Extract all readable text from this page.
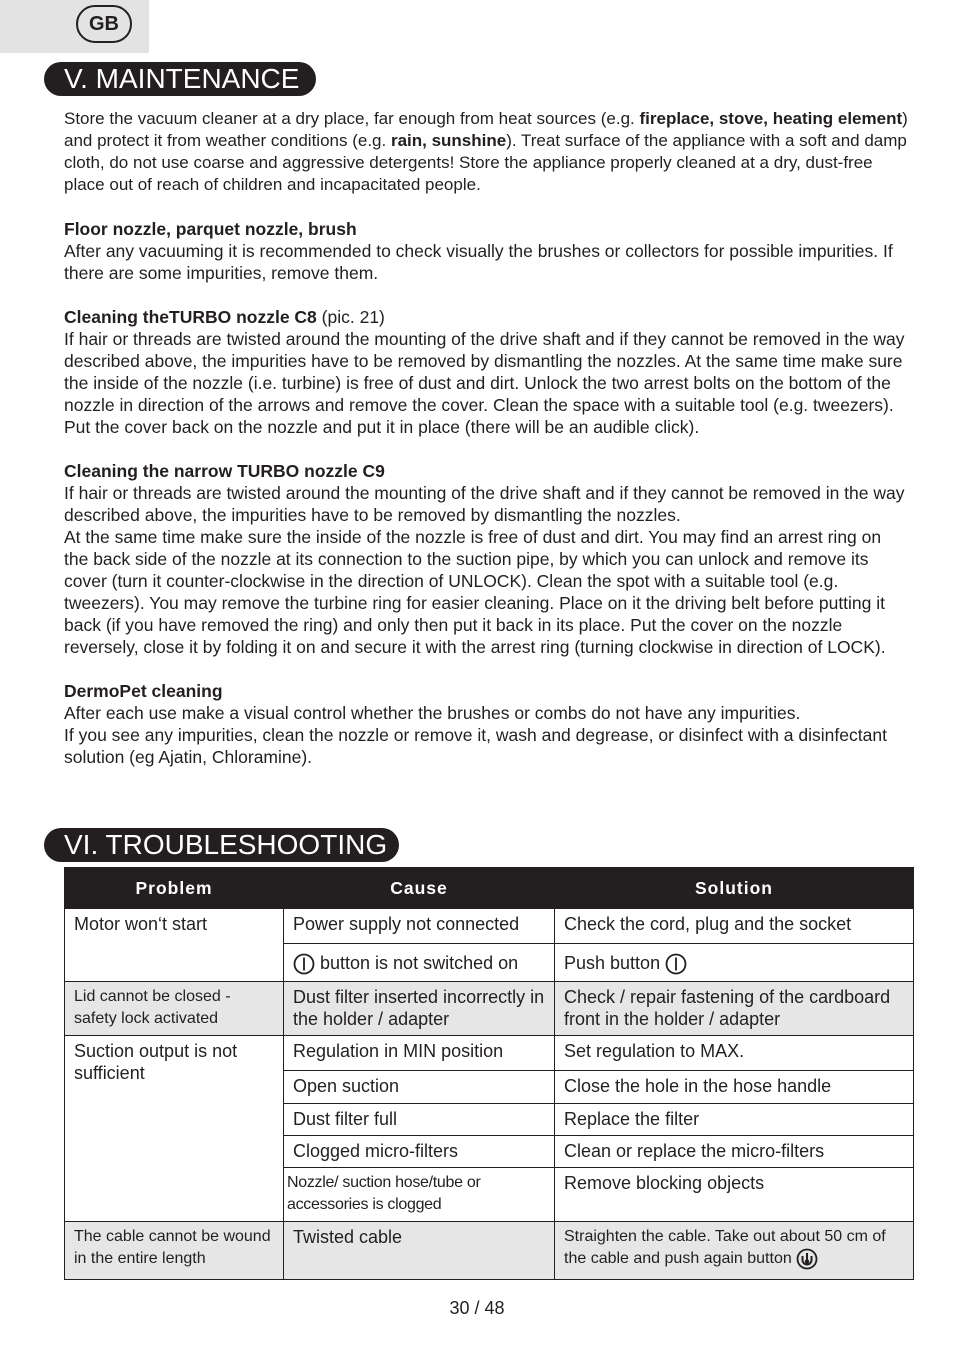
GB
V. MAINTENANCE

Store the vacuum cleaner at a dry place, far enough from heat sources (e.g. fireplace, stove, heating element) and protect it from weather conditions (e.g. rain, sunshine). Treat surface of the appliance with a soft and damp cloth, do not use coarse and aggressive detergents! Store the appliance properly cleaned at a dry, dust-free place out of reach of children and incapacitated people.

Floor nozzle, parquet nozzle, brush
After any vacuuming it is recommended to check visually the brushes or collectors for possible impurities. If there are some impurities, remove them.

Cleaning theTURBO nozzle C8 (pic. 21)
If hair or threads are twisted around the mounting of the drive shaft and if they cannot be removed in the way described above, the impurities have to be removed by dismantling the nozzles. At the same time make sure the inside of the nozzle (i.e. turbine) is free of dust and dirt. Unlock the two arrest bolts on the bottom of the nozzle in direction of the arrows and remove the cover. Clean the space with a suitable tool (e.g. tweezers). Put the cover back on the nozzle and put it in place (there will be an audible click).

Cleaning the narrow TURBO nozzle C9
If hair or threads are twisted around the mounting of the drive shaft and if they cannot be removed in the way described above, the impurities have to be removed by dismantling the nozzles.
At the same time make sure the inside of the nozzle is free of dust and dirt. You may find an arrest ring on the back side of the nozzle at its connection to the suction pipe, by which you can unlock and remove its cover (turn it counter-clockwise in the direction of UNLOCK). Clean the spot with a suitable tool (e.g. tweezers). You may remove the turbine ring for easier cleaning. Place on it the driving belt before putting it back (if you have removed the ring) and only then put it back in its place. Put the cover on the nozzle reversely, close it by folding it on and secure it with the arrest ring (turning clockwise in direction of LOCK).

DermoPet cleaning
After each use make a visual control whether the brushes or combs do not have any impurities.
If you see any impurities, clean the nozzle or remove it, wash and degrease, or disinfect with a disinfectant solution (eg Ajatin, Chloramine).

VI. TROUBLESHOOTING
Problem	Cause	Solution
Motor won‘t start	Power supply not connected	Check the cord, plug and the socket
	button is not switched on	Push button
Lid cannot be closed - safety lock activated	Dust filter inserted incorrectly in the holder / adapter	Check / repair fastening of the cardboard front in the holder / adapter
Suction output is not sufficient	Regulation in MIN position	Set regulation to MAX.
	Open suction	Close the hole in the hose handle
	Dust filter full	Replace the filter
	Clogged micro-filters	Clean or replace the micro-filters
	Nozzle/ suction hose/tube or accessories is clogged	Remove blocking objects
The cable cannot be wound in the entire length	Twisted cable	Straighten the cable. Take out about 50 cm of the cable and push again button
30 / 48
